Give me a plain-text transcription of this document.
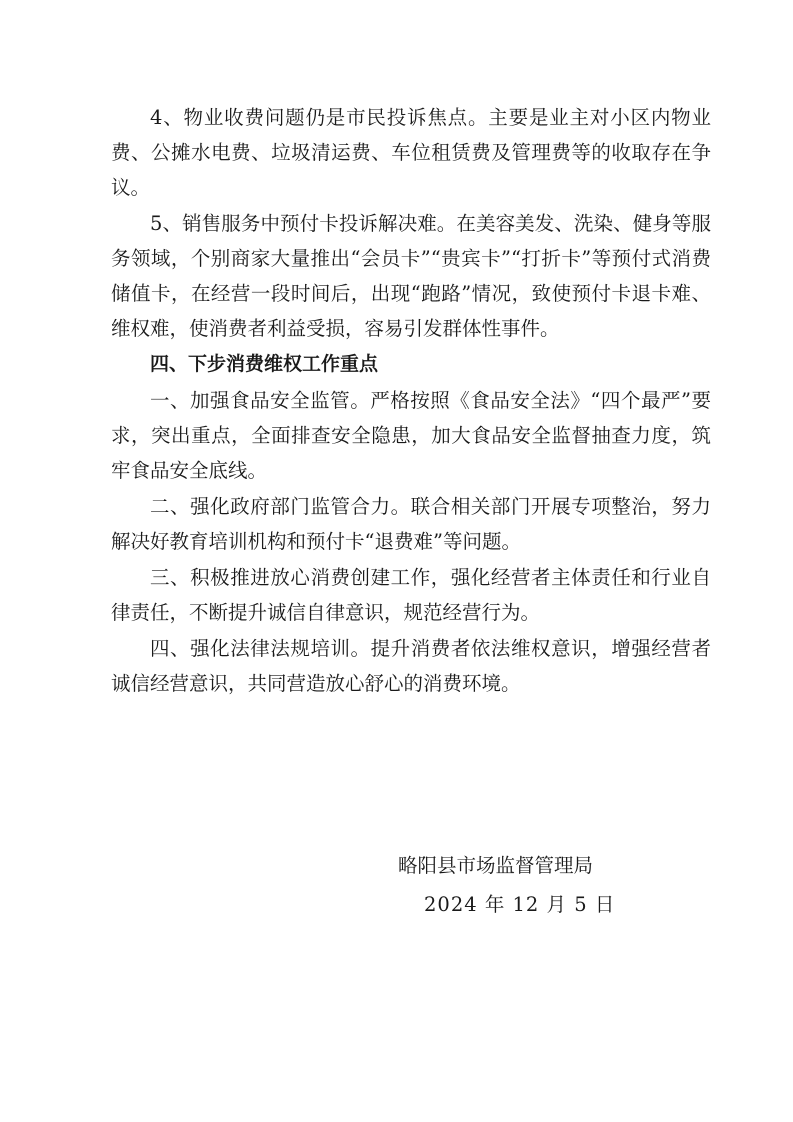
4、物业收费问题仍是市民投诉焦点。主要是业主对小区内物业费、公摊水电费、垃圾清运费、车位租赁费及管理费等的收取存在争议。

5、销售服务中预付卡投诉解决难。在美容美发、洗染、健身等服务领域，个别商家大量推出“会员卡”“贵宾卡”“打折卡”等预付式消费储值卡，在经营一段时间后，出现“跑路”情况，致使预付卡退卡难、维权难，使消费者利益受损，容易引发群体性事件。

四、下步消费维权工作重点

一、加强食品安全监管。严格按照《食品安全法》“四个最严”要求，突出重点，全面排查安全隐患，加大食品安全监督抽查力度，筑牢食品安全底线。

二、强化政府部门监管合力。联合相关部门开展专项整治，努力解决好教育培训机构和预付卡“退费难”等问题。

三、积极推进放心消费创建工作，强化经营者主体责任和行业自律责任，不断提升诚信自律意识，规范经营行为。

四、强化法律法规培训。提升消费者依法维权意识，增强经营者诚信经营意识，共同营造放心舒心的消费环境。

略阳县市场监督管理局

2024 年 12 月 5 日
